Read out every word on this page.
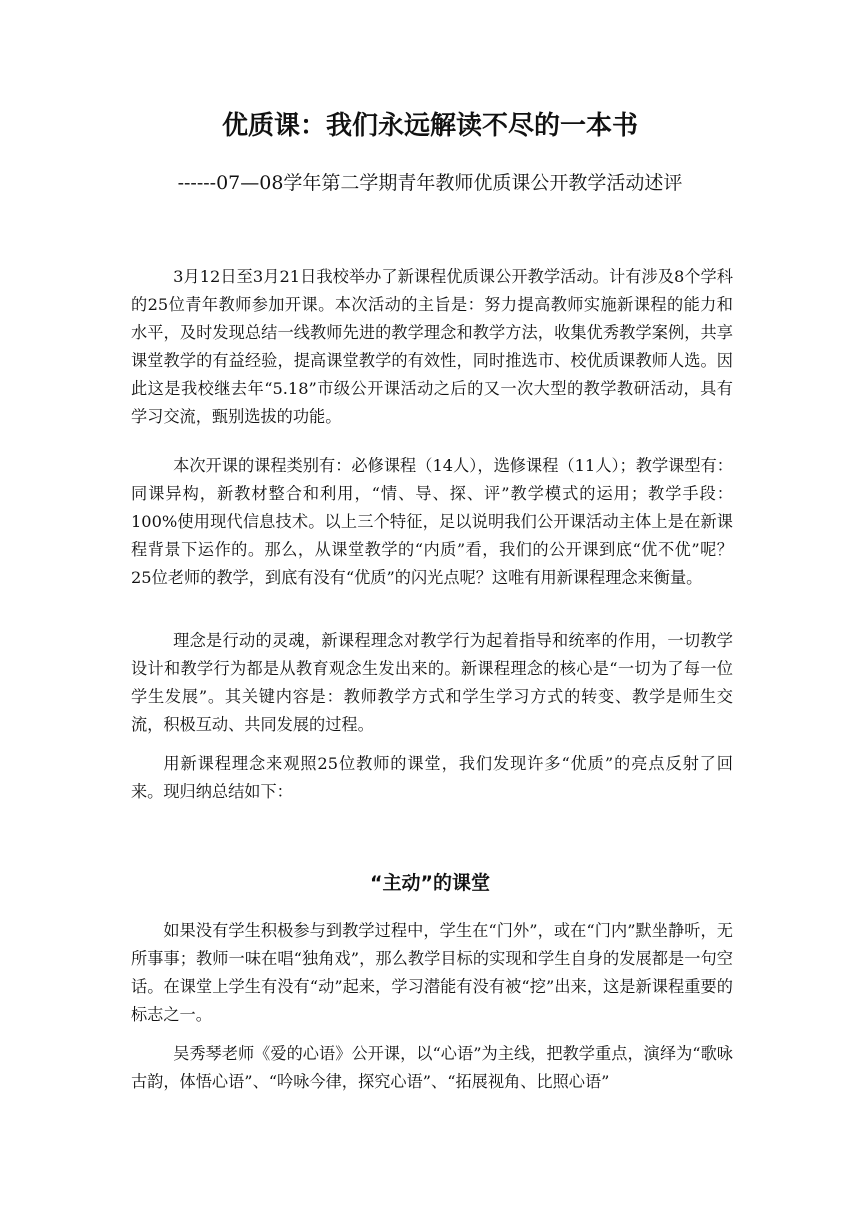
优质课：我们永远解读不尽的一本书
------07—08学年第二学期青年教师优质课公开教学活动述评

3月12日至3月21日我校举办了新课程优质课公开教学活动。计有涉及8个学科的25位青年教师参加开课。本次活动的主旨是：努力提高教师实施新课程的能力和水平，及时发现总结一线教师先进的教学理念和教学方法，收集优秀教学案例，共享课堂教学的有益经验，提高课堂教学的有效性，同时推选市、校优质课教师人选。因此这是我校继去年“5.18”市级公开课活动之后的又一次大型的教学教研活动，具有学习交流，甄别选拔的功能。

本次开课的课程类别有：必修课程（14人），选修课程（11人）；教学课型有：同课异构，新教材整合和利用，“情、导、探、评”教学模式的运用；教学手段：100%使用现代信息技术。以上三个特征，足以说明我们公开课活动主体上是在新课程背景下运作的。那么，从课堂教学的“内质”看，我们的公开课到底“优不优”呢？25位老师的教学，到底有没有“优质”的闪光点呢？这唯有用新课程理念来衡量。

理念是行动的灵魂，新课程理念对教学行为起着指导和统率的作用，一切教学设计和教学行为都是从教育观念生发出来的。新课程理念的核心是“一切为了每一位学生发展”。其关键内容是：教师教学方式和学生学习方式的转变、教学是师生交流，积极互动、共同发展的过程。

用新课程理念来观照25位教师的课堂，我们发现许多“优质”的亮点反射了回来。现归纳总结如下：

“主动”的课堂

如果没有学生积极参与到教学过程中，学生在“门外”，或在“门内”默坐静听，无所事事；教师一味在唱“独角戏”，那么教学目标的实现和学生自身的发展都是一句空话。在课堂上学生有没有“动”起来，学习潜能有没有被“挖”出来，这是新课程重要的标志之一。

吴秀琴老师《爱的心语》公开课，以“心语”为主线，把教学重点，演绎为“歌咏古韵，体悟心语”、“吟咏今律，探究心语”、“拓展视角、比照心语”
